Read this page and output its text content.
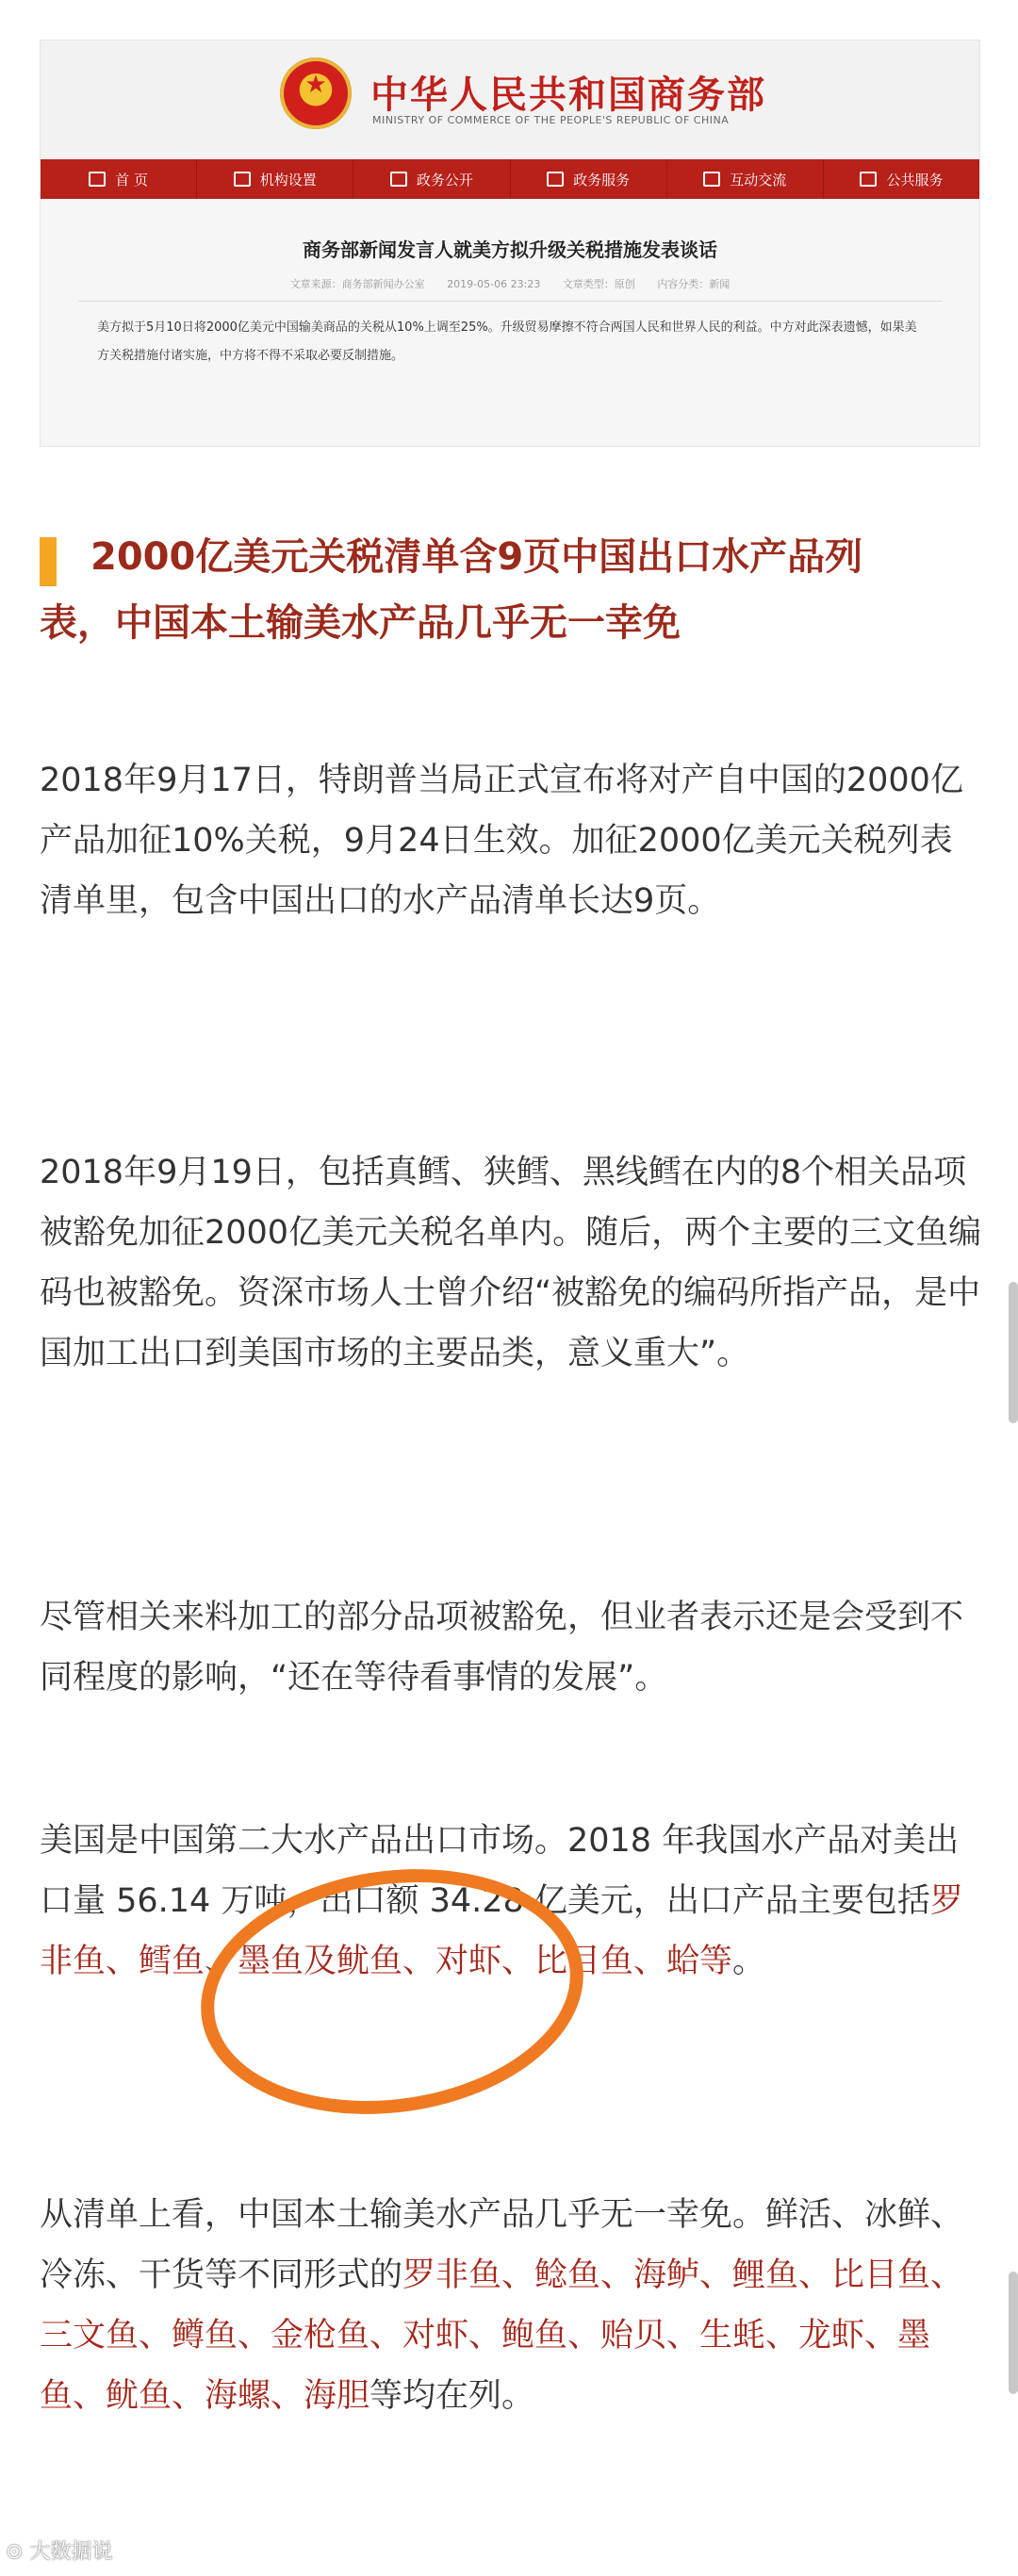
★	中华人民共和国商务部
MINISTRY OF COMMERCE OF THE PEOPLE'S REPUBLIC OF CHINA
首 页	机构设置	政务公开	政务服务	互动交流	公共服务
商务部新闻发言人就美方拟升级关税措施发表谈话
文章来源：商务部新闻办公室 2019-05-06 23:23 文章类型：原创 内容分类：新闻
美方拟于5月10日将2000亿美元中国输美商品的关税从10%上调至25%。升级贸易摩擦不符合两国人民和世界人民的利益。中方对此深表遗憾，如果美方关税措施付诸实施，中方将不得不采取必要反制措施。
2000亿美元关税清单含9页中国出口水产品列
表，中国本土输美水产品几乎无一幸免
2018年9月17日，特朗普当局正式宣布将对产自中国的2000亿产品加征10%关税，9月24日生效。加征2000亿美元关税列表清单里，包含中国出口的水产品清单长达9页。
2018年9月19日，包括真鳕、狭鳕、黑线鳕在内的8个相关品项被豁免加征2000亿美元关税名单内。随后，两个主要的三文鱼编码也被豁免。资深市场人士曾介绍“被豁免的编码所指产品，是中国加工出口到美国市场的主要品类，意义重大”。
尽管相关来料加工的部分品项被豁免，但业者表示还是会受到不同程度的影响，“还在等待看事情的发展”。
美国是中国第二大水产品出口市场。2018 年我国水产品对美出口量 56.14 万吨，出口额 34.28 亿美元，出口产品主要包括罗非鱼、鳕鱼、墨鱼及鱿鱼、对虾、比目鱼、蛤等。
从清单上看，中国本土输美水产品几乎无一幸免。鲜活、冰鲜、冷冻、干货等不同形式的罗非鱼、鲶鱼、海鲈、鲤鱼、比目鱼、三文鱼、鳟鱼、金枪鱼、对虾、鲍鱼、贻贝、生蚝、龙虾、墨鱼、鱿鱼、海螺、海胆等均在列。
⊙ 大数据说
